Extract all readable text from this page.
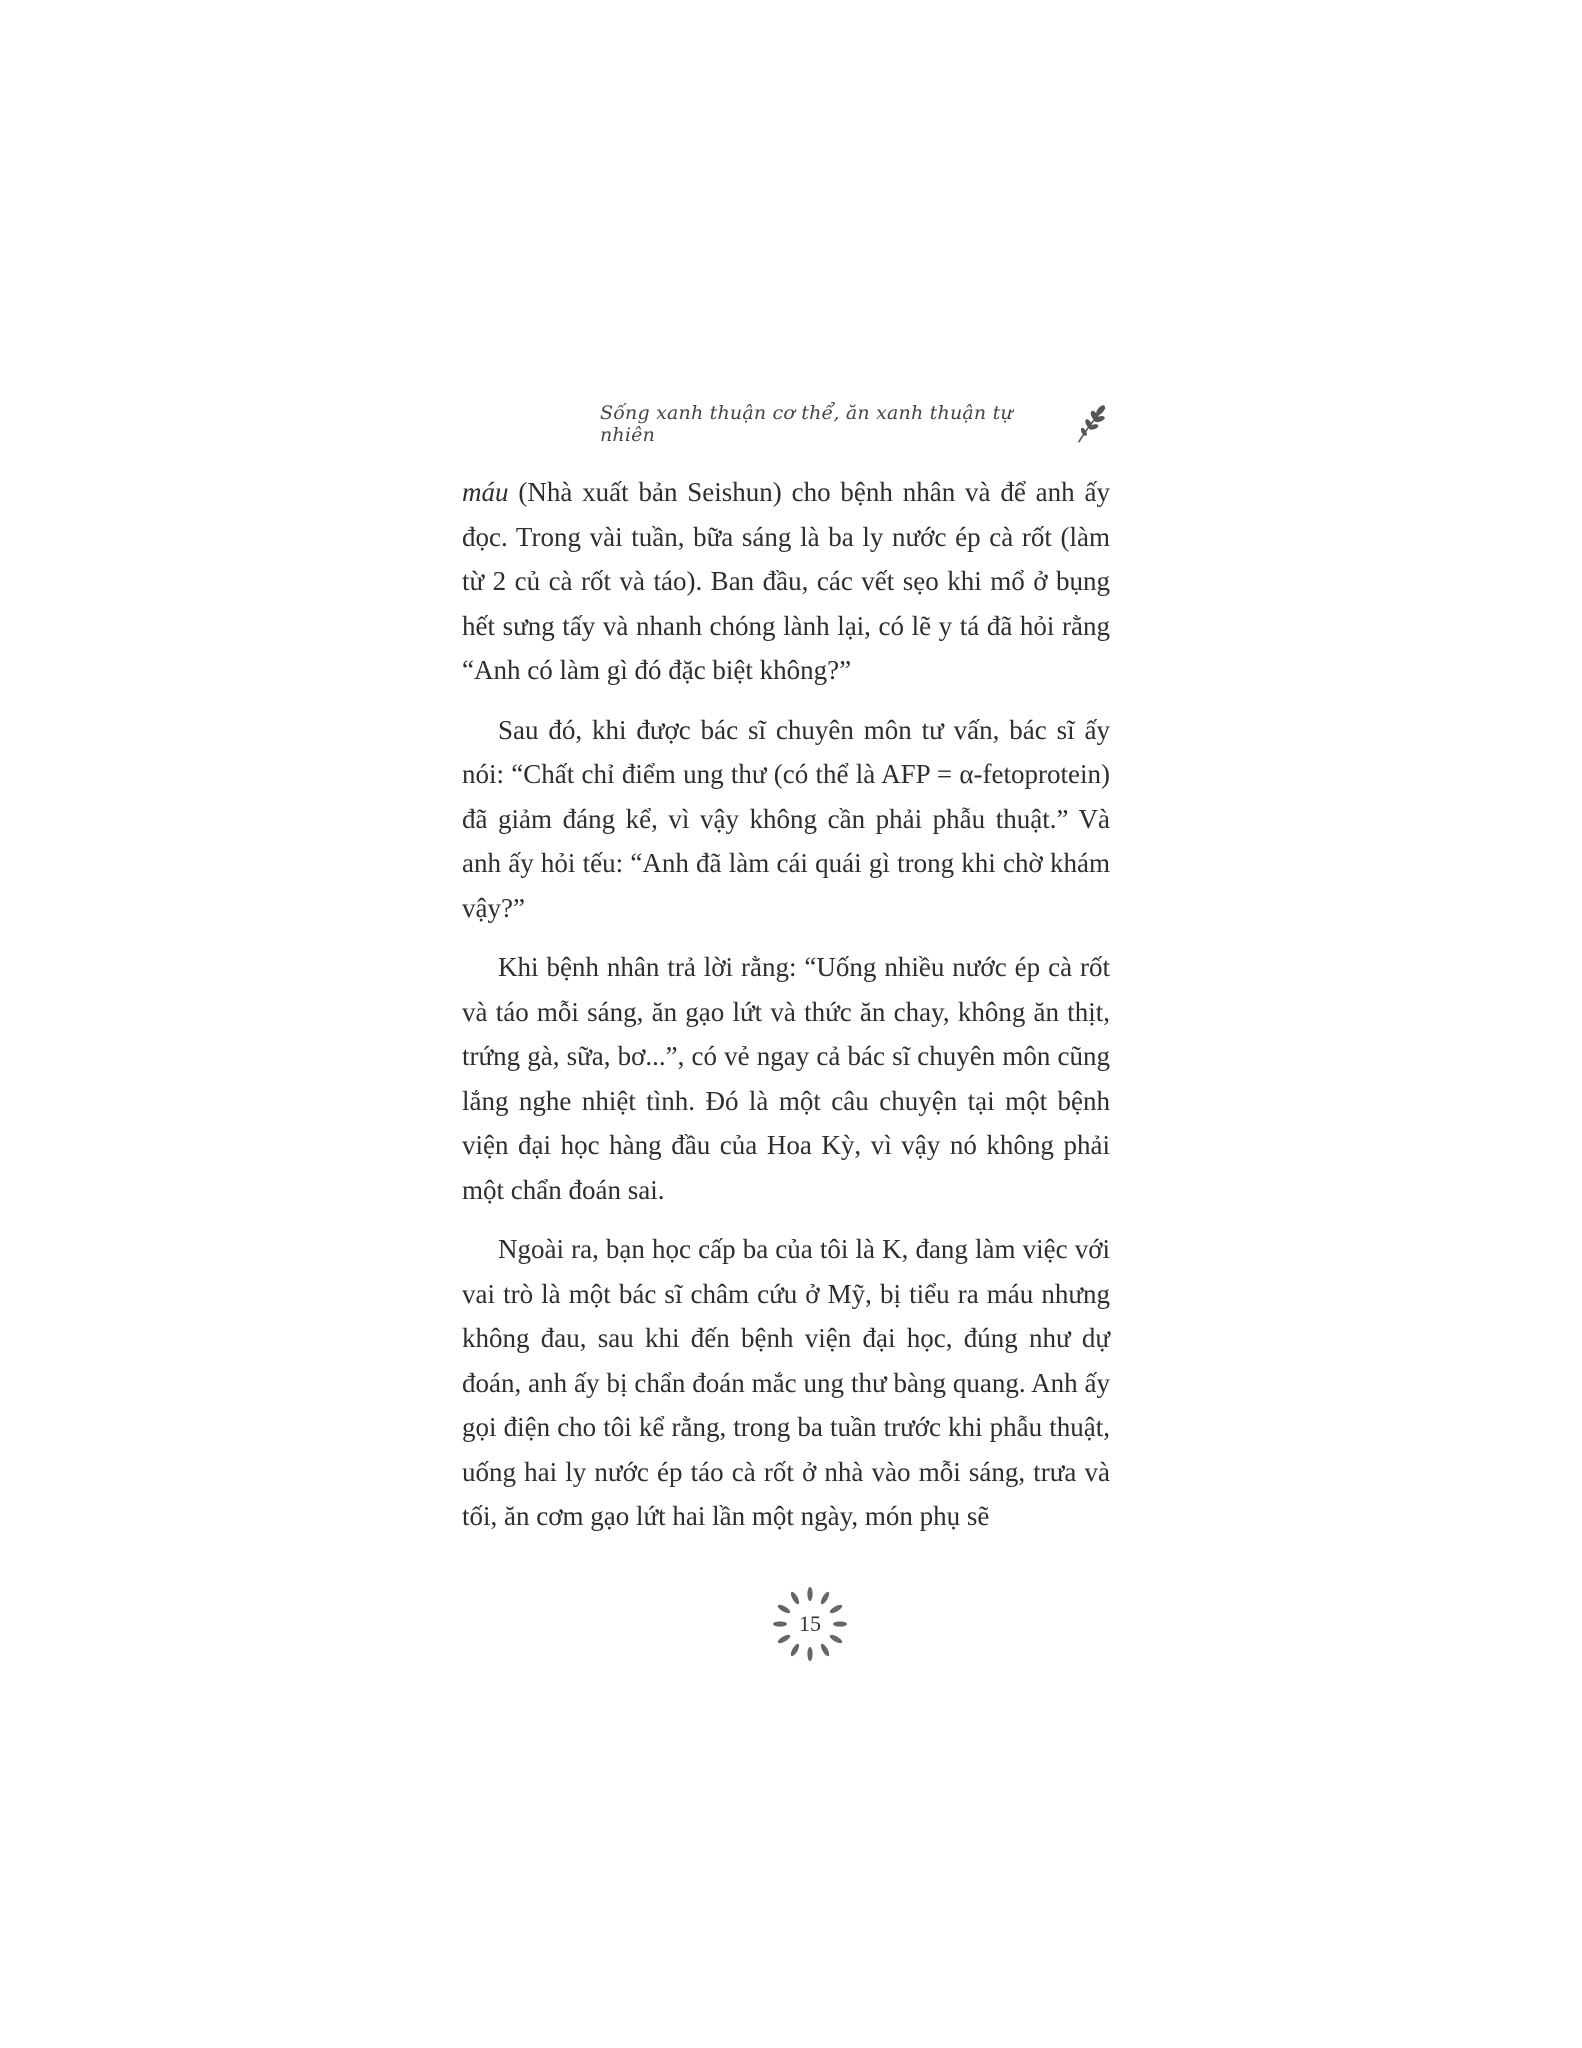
Sống xanh thuận cơ thể, ăn xanh thuận tự nhiên

máu (Nhà xuất bản Seishun) cho bệnh nhân và để anh ấy đọc. Trong vài tuần, bữa sáng là ba ly nước ép cà rốt (làm từ 2 củ cà rốt và táo). Ban đầu, các vết sẹo khi mổ ở bụng hết sưng tấy và nhanh chóng lành lại, có lẽ y tá đã hỏi rằng “Anh có làm gì đó đặc biệt không?”

Sau đó, khi được bác sĩ chuyên môn tư vấn, bác sĩ ấy nói: “Chất chỉ điểm ung thư (có thể là AFP = α-fetoprotein) đã giảm đáng kể, vì vậy không cần phải phẫu thuật.” Và anh ấy hỏi tếu: “Anh đã làm cái quái gì trong khi chờ khám vậy?”

Khi bệnh nhân trả lời rằng: “Uống nhiều nước ép cà rốt và táo mỗi sáng, ăn gạo lứt và thức ăn chay, không ăn thịt, trứng gà, sữa, bơ...”, có vẻ ngay cả bác sĩ chuyên môn cũng lắng nghe nhiệt tình. Đó là một câu chuyện tại một bệnh viện đại học hàng đầu của Hoa Kỳ, vì vậy nó không phải một chẩn đoán sai.

Ngoài ra, bạn học cấp ba của tôi là K, đang làm việc với vai trò là một bác sĩ châm cứu ở Mỹ, bị tiểu ra máu nhưng không đau, sau khi đến bệnh viện đại học, đúng như dự đoán, anh ấy bị chẩn đoán mắc ung thư bàng quang. Anh ấy gọi điện cho tôi kể rằng, trong ba tuần trước khi phẫu thuật, uống hai ly nước ép táo cà rốt ở nhà vào mỗi sáng, trưa và tối, ăn cơm gạo lứt hai lần một ngày, món phụ sẽ

15
